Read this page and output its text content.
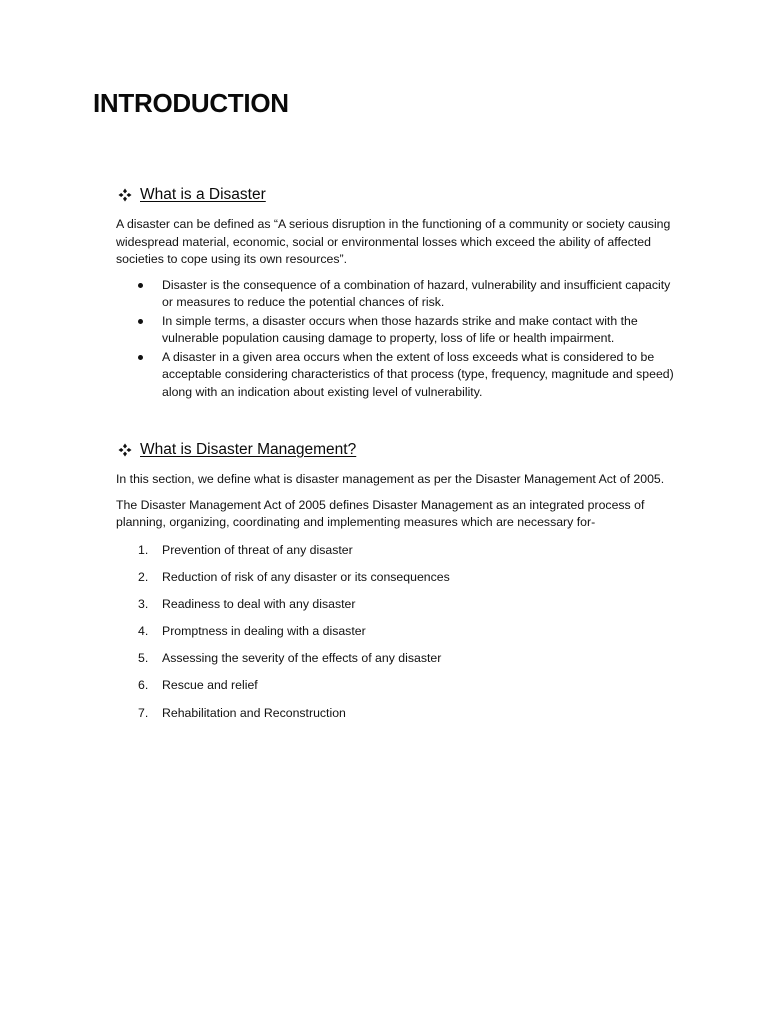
INTRODUCTION
What is a Disaster

A disaster can be defined as “A serious disruption in the functioning of a community or society causing widespread material, economic, social or environmental losses which exceed the ability of affected societies to cope using its own resources”.

Disaster is the consequence of a combination of hazard, vulnerability and insufficient capacity or measures to reduce the potential chances of risk.
In simple terms, a disaster occurs when those hazards strike and make contact with the vulnerable population causing damage to property, loss of life or health impairment.
A disaster in a given area occurs when the extent of loss exceeds what is considered to be acceptable considering characteristics of that process (type, frequency, magnitude and speed) along with an indication about existing level of vulnerability.
What is Disaster Management?

In this section, we define what is disaster management as per the Disaster Management Act of 2005.

The Disaster Management Act of 2005 defines Disaster Management as an integrated process of planning, organizing, coordinating and implementing measures which are necessary for-

1. Prevention of threat of any disaster
2. Reduction of risk of any disaster or its consequences
3. Readiness to deal with any disaster
4. Promptness in dealing with a disaster
5. Assessing the severity of the effects of any disaster
6. Rescue and relief
7. Rehabilitation and Reconstruction
